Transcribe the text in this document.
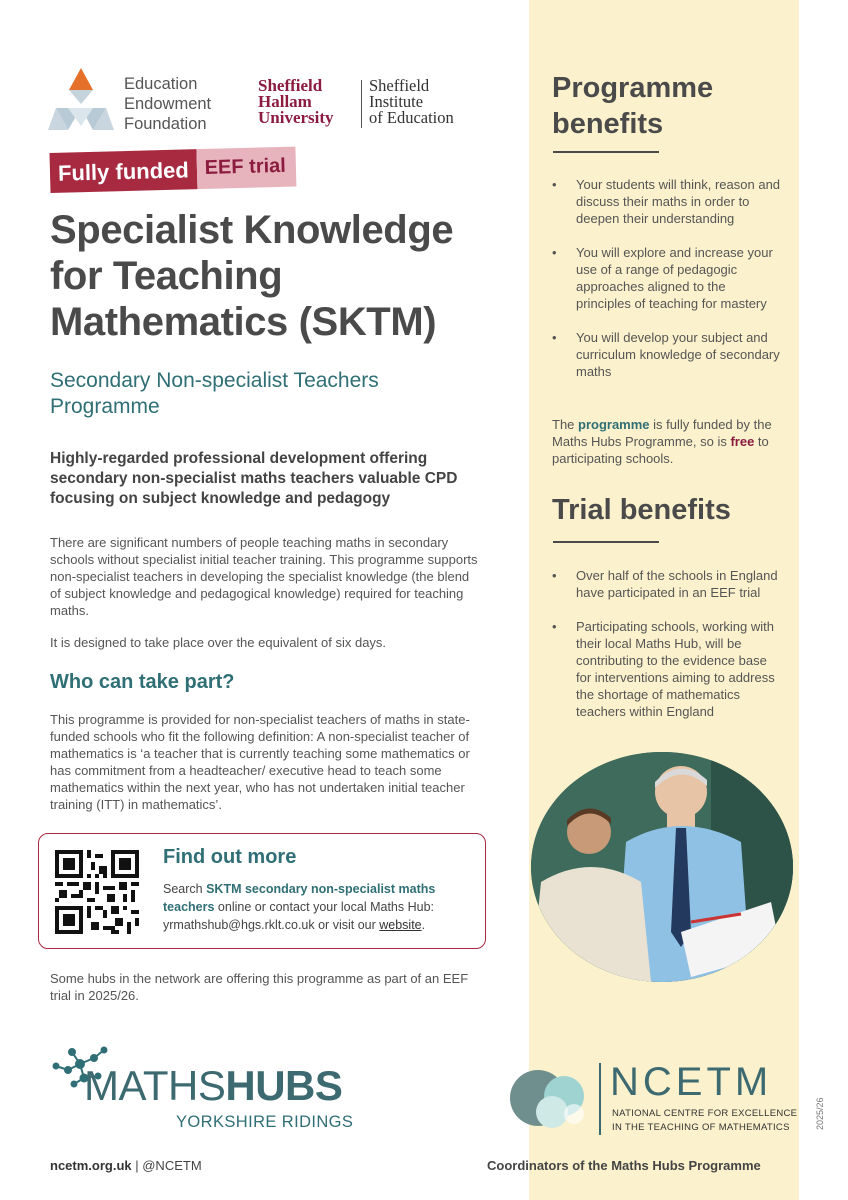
Education
Endowment
Foundation
Sheffield
Hallam
University
Sheffield
Institute
of Education
Fully funded EEF trial
Specialist Knowledge for Teaching Mathematics (SKTM)
Secondary Non-specialist Teachers Programme

Highly-regarded professional development offering secondary non-specialist maths teachers valuable CPD focusing on subject knowledge and pedagogy

There are significant numbers of people teaching maths in secondary schools without specialist initial teacher training. This programme supports non-specialist teachers in developing the specialist knowledge (the blend of subject knowledge and pedagogical knowledge) required for teaching maths.

It is designed to take place over the equivalent of six days.

Who can take part?

This programme is provided for non-specialist teachers of maths in state-funded schools who fit the following definition: A non-specialist teacher of mathematics is ‘a teacher that is currently teaching some mathematics or has commitment from a headteacher/ executive head to teach some mathematics within the next year, who has not undertaken initial teacher training (ITT) in mathematics’.

Find out more
Search SKTM secondary non-specialist maths teachers online or contact your local Maths Hub: yrmathshub@hgs.rklt.co.uk or visit our website.

Some hubs in the network are offering this programme as part of an EEF trial in 2025/26.

Programme benefits
• Your students will think, reason and discuss their maths in order to deepen their understanding
• You will explore and increase your use of a range of pedagogic approaches aligned to the principles of teaching for mastery
• You will develop your subject and curriculum knowledge of secondary maths

The programme is fully funded by the Maths Hubs Programme, so is free to participating schools.

Trial benefits
• Over half of the schools in England have participated in an EEF trial
• Participating schools, working with their local Maths Hub, will be contributing to the evidence base for interventions aiming to address the shortage of mathematics teachers within England
MATHSHUBS
YORKSHIRE RIDINGS
NCETM
NATIONAL CENTRE FOR EXCELLENCE
IN THE TEACHING OF MATHEMATICS
ncetm.org.uk | @NCETM	Coordinators of the Maths Hubs Programme
2025/26
